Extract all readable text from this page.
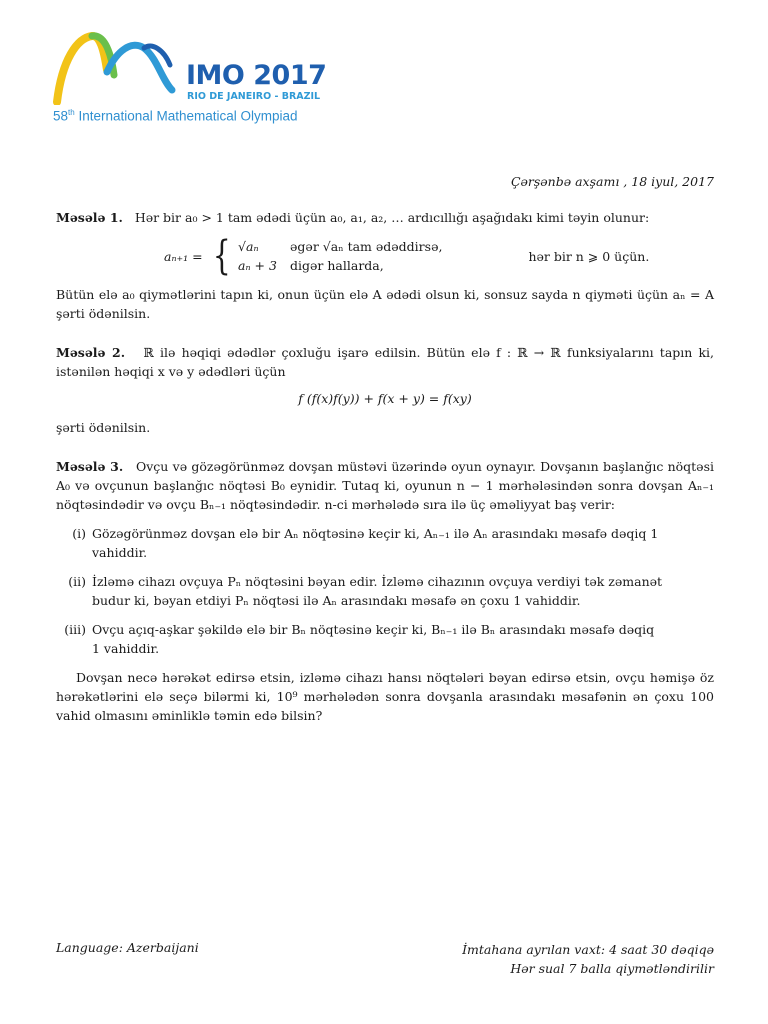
IMO 2017
RIO DE JANEIRO - BRAZIL
58th International Mathematical Olympiad
Çərşənbə axşamı , 18 iyul, 2017

Məsələ 1. Hər bir a₀ > 1 tam ədədi üçün a₀, a₁, a₂, … ardıcıllığı aşağıdakı kimi təyin olunur:

aₙ₊₁ = { √aₙ	əgər √aₙ tam ədəddirsə,
aₙ + 3	digər hallarda,
hər bir n ⩾ 0 üçün.

Bütün elə a₀ qiymətlərini tapın ki, onun üçün elə A ədədi olsun ki, sonsuz sayda n qiyməti üçün aₙ = A şərti ödənilsin.

Məsələ 2. ℝ ilə həqiqi ədədlər çoxluğu işarə edilsin. Bütün elə f : ℝ → ℝ funksiyalarını tapın ki, istənilən həqiqi x və y ədədləri üçün

f (f(x)f(y)) + f(x + y) = f(xy)

şərti ödənilsin.

Məsələ 3. Ovçu və gözəgörünməz dovşan müstəvi üzərində oyun oynayır. Dovşanın başlanğıc nöqtəsi A₀ və ovçunun başlanğıc nöqtəsi B₀ eynidir. Tutaq ki, oyunun n − 1 mərhələsindən sonra dovşan Aₙ₋₁ nöqtəsindədir və ovçu Bₙ₋₁ nöqtəsindədir. n-ci mərhələdə sıra ilə üç əməliyyat baş verir:

(i) Gözəgörünməz dovşan elə bir Aₙ nöqtəsinə keçir ki, Aₙ₋₁ ilə Aₙ arasındakı məsafə dəqiq 1 vahiddir.
(ii) İzləmə cihazı ovçuya Pₙ nöqtəsini bəyan edir. İzləmə cihazının ovçuya verdiyi tək zəmanət budur ki, bəyan etdiyi Pₙ nöqtəsi ilə Aₙ arasındakı məsafə ən çoxu 1 vahiddir.
(iii) Ovçu açıq-aşkar şəkildə elə bir Bₙ nöqtəsinə keçir ki, Bₙ₋₁ ilə Bₙ arasındakı məsafə dəqiq 1 vahiddir.

Dovşan necə hərəkət edirsə etsin, izləmə cihazı hansı nöqtələri bəyan edirsə etsin, ovçu həmişə öz hərəkətlərini elə seçə bilərmi ki, 10⁹ mərhələdən sonra dovşanla arasındakı məsafənin ən çoxu 100 vahid olmasını əminliklə təmin edə bilsin?

Language: Azerbaijani	İmtahana ayrılan vaxt: 4 saat 30 dəqiqə
Hər sual 7 balla qiymətləndirilir
